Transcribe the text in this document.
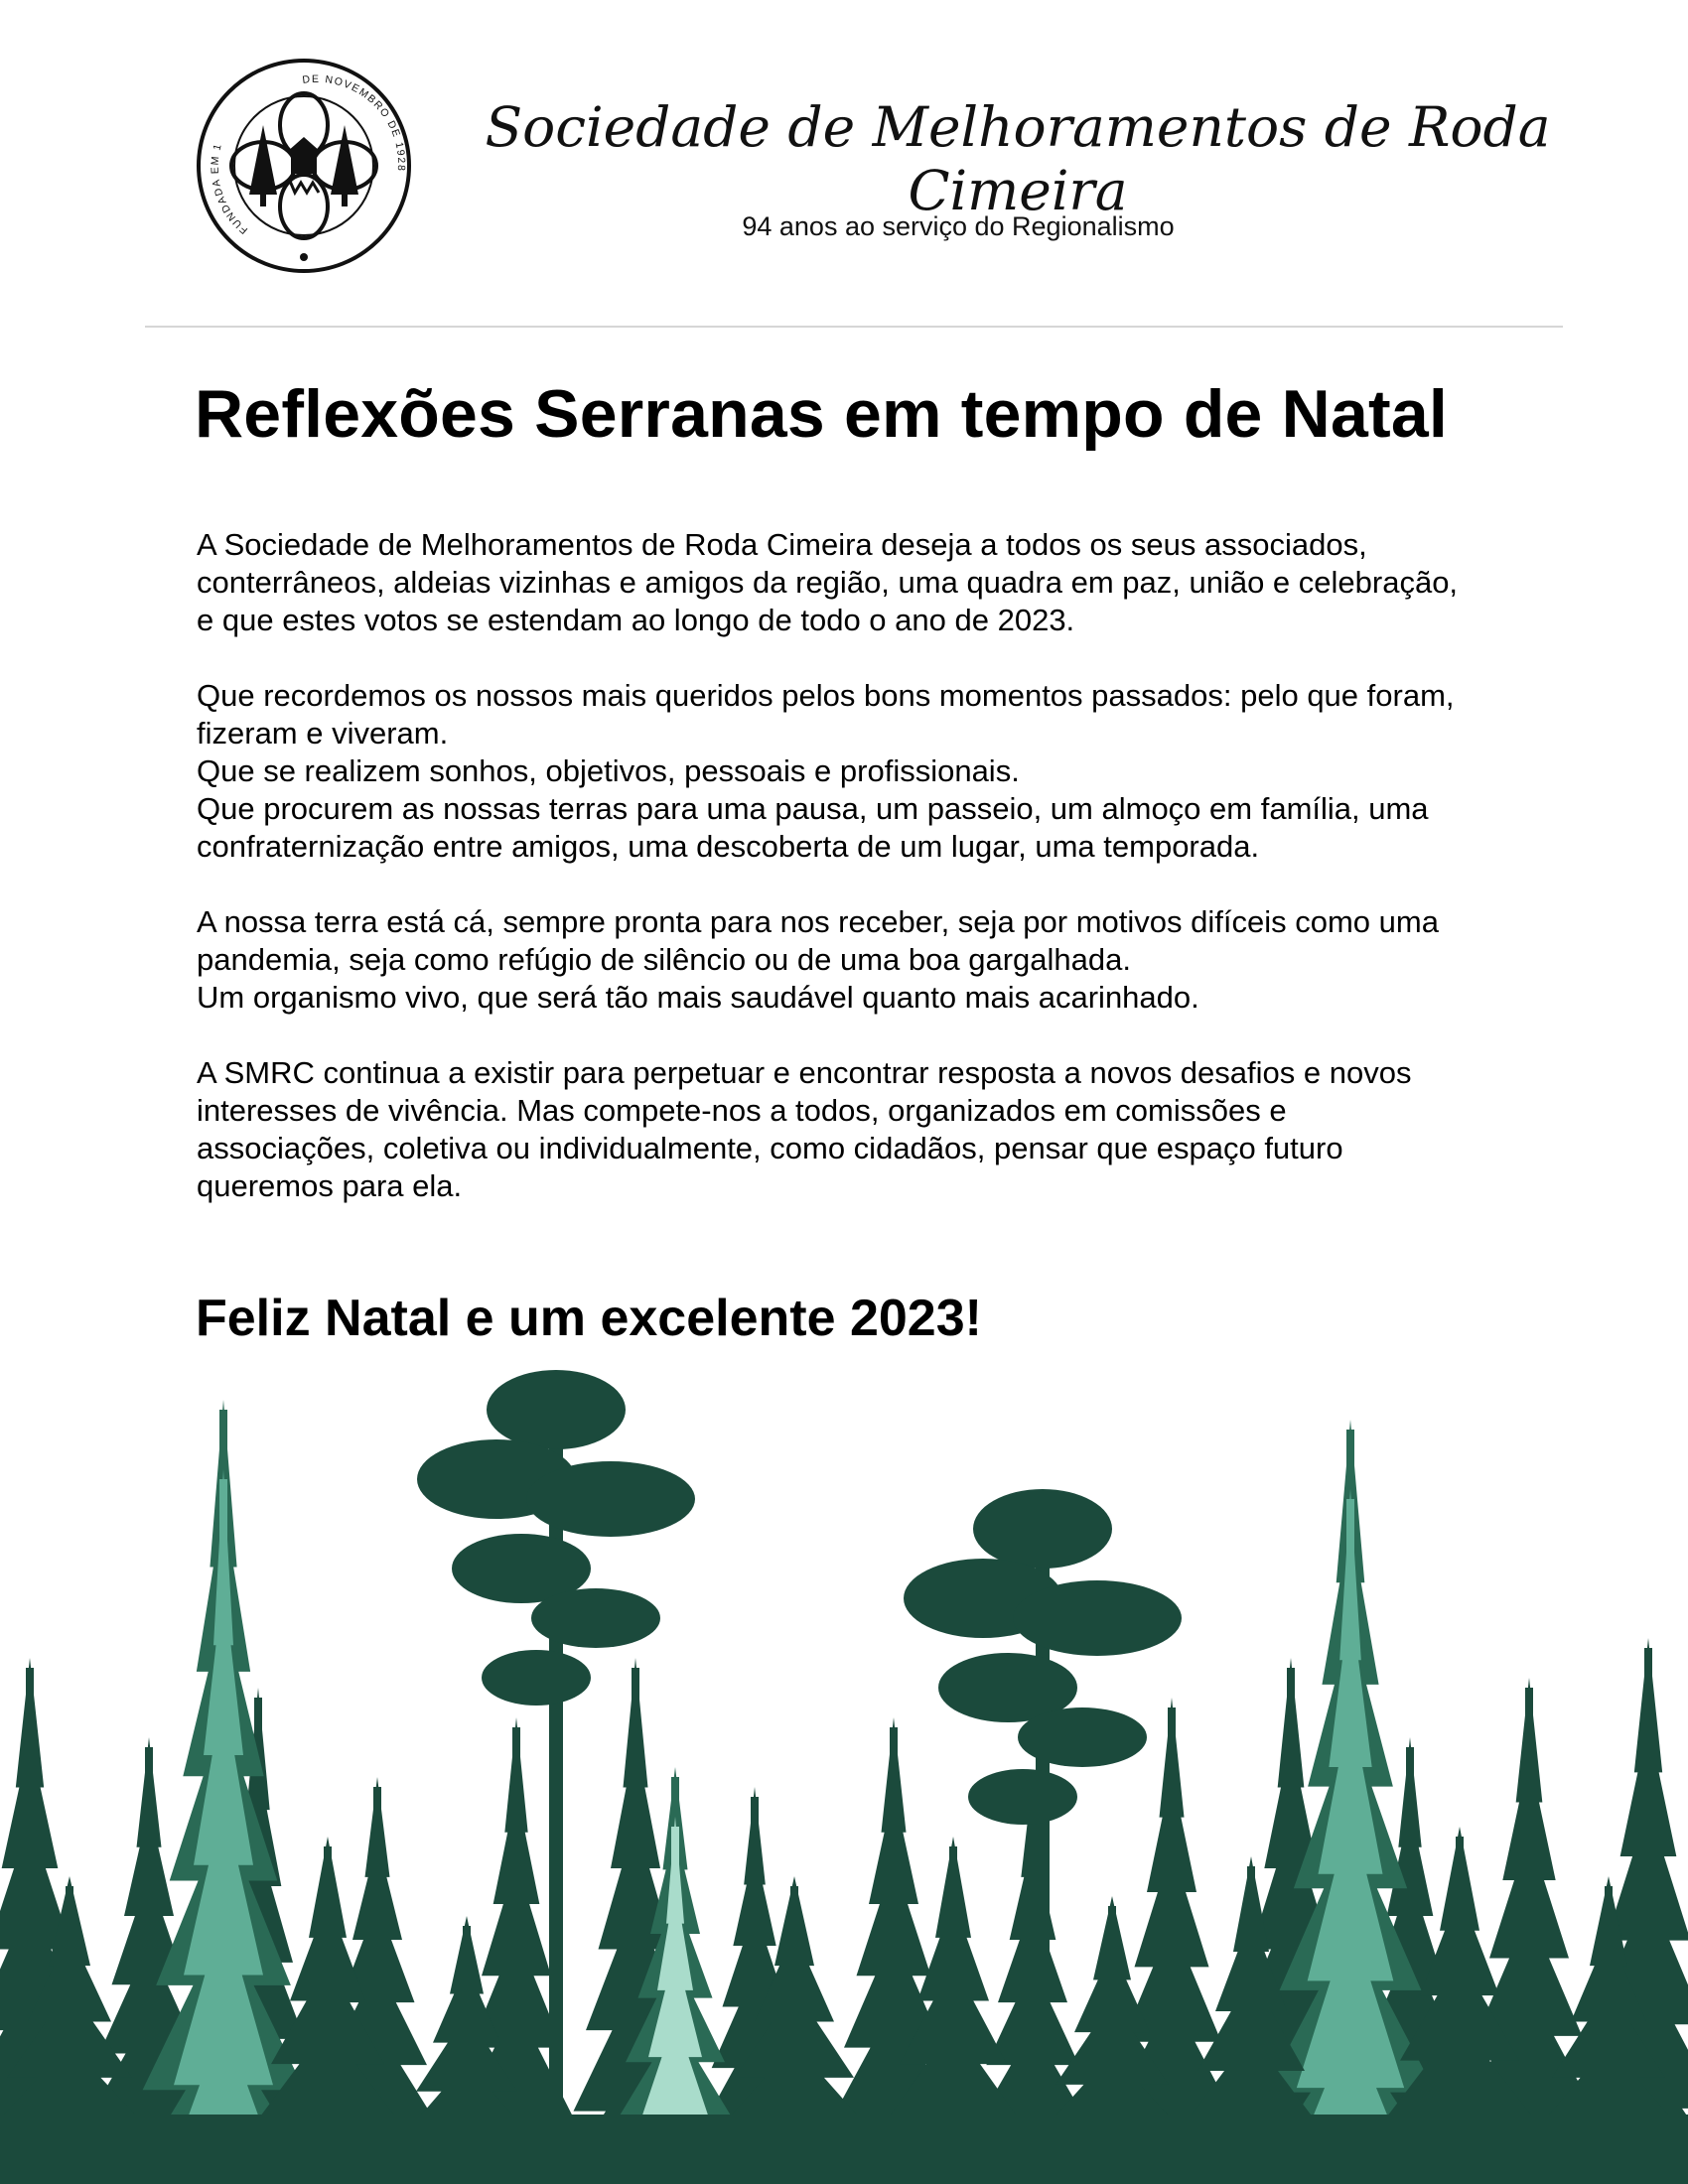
FUNDADA EM 1
DE NOVEMBRO DE 1928
Sociedade de Melhoramentos de Roda Cimeira

94 anos ao serviço do Regionalismo

Reflexões Serranas em tempo de Natal

A Sociedade de Melhoramentos de Roda Cimeira deseja a todos os seus associados,
conterrâneos, aldeias vizinhas e amigos da região, uma quadra em paz, união e celebração,
e que estes votos se estendam ao longo de todo o ano de 2023.

Que recordemos os nossos mais queridos pelos bons momentos passados: pelo que foram,
fizeram e viveram.
Que se realizem sonhos, objetivos, pessoais e profissionais.
Que procurem as nossas terras para uma pausa, um passeio, um almoço em família, uma
confraternização entre amigos, uma descoberta de um lugar, uma temporada.

A nossa terra está cá, sempre pronta para nos receber, seja por motivos difíceis como uma
pandemia, seja como refúgio de silêncio ou de uma boa gargalhada.
Um organismo vivo, que será tão mais saudável quanto mais acarinhado.

A SMRC continua a existir para perpetuar e encontrar resposta a novos desafios e novos
interesses de vivência. Mas compete-nos a todos, organizados em comissões e
associações, coletiva ou individualmente, como cidadãos, pensar que espaço futuro
queremos para ela.

Feliz Natal e um excelente 2023!
